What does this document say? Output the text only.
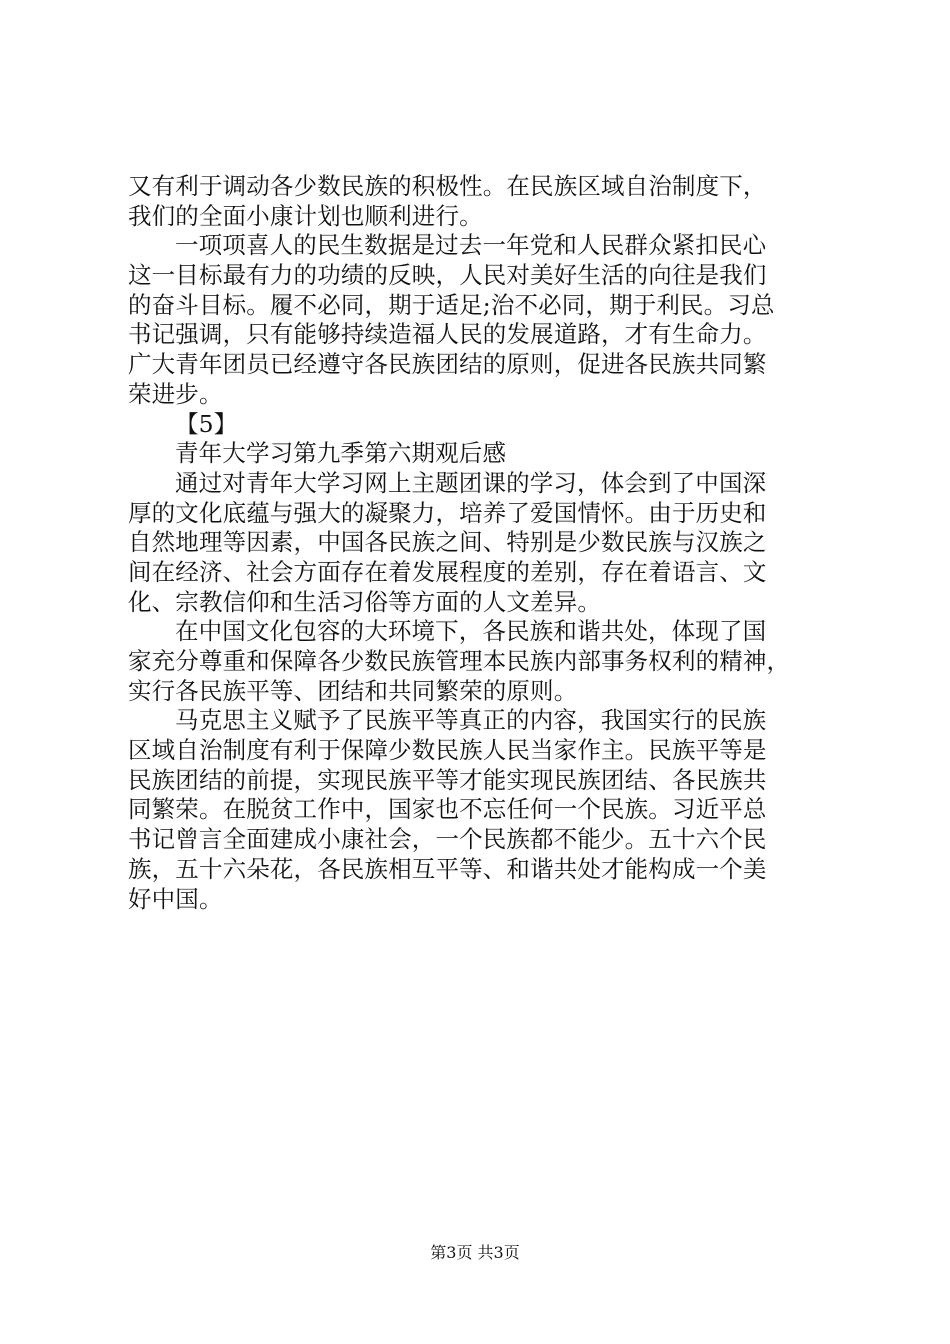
又有利于调动各少数民族的积极性。在民族区域自治制度下，
我们的全面小康计划也顺利进行。
一项项喜人的民生数据是过去一年党和人民群众紧扣民心
这一目标最有力的功绩的反映，人民对美好生活的向往是我们
的奋斗目标。履不必同，期于适足;治不必同，期于利民。习总
书记强调，只有能够持续造福人民的发展道路，才有生命力。
广大青年团员已经遵守各民族团结的原则，促进各民族共同繁
荣进步。
【5】
青年大学习第九季第六期观后感
通过对青年大学习网上主题团课的学习，体会到了中国深
厚的文化底蕴与强大的凝聚力，培养了爱国情怀。由于历史和
自然地理等因素，中国各民族之间、特别是少数民族与汉族之
间在经济、社会方面存在着发展程度的差别，存在着语言、文
化、宗教信仰和生活习俗等方面的人文差异。
在中国文化包容的大环境下，各民族和谐共处，体现了国
家充分尊重和保障各少数民族管理本民族内部事务权利的精神，
实行各民族平等、团结和共同繁荣的原则。
马克思主义赋予了民族平等真正的内容，我国实行的民族
区域自治制度有利于保障少数民族人民当家作主。民族平等是
民族团结的前提，实现民族平等才能实现民族团结、各民族共
同繁荣。在脱贫工作中，国家也不忘任何一个民族。习近平总
书记曾言全面建成小康社会，一个民族都不能少。五十六个民
族，五十六朵花，各民族相互平等、和谐共处才能构成一个美
好中国。
第3页 共3页
